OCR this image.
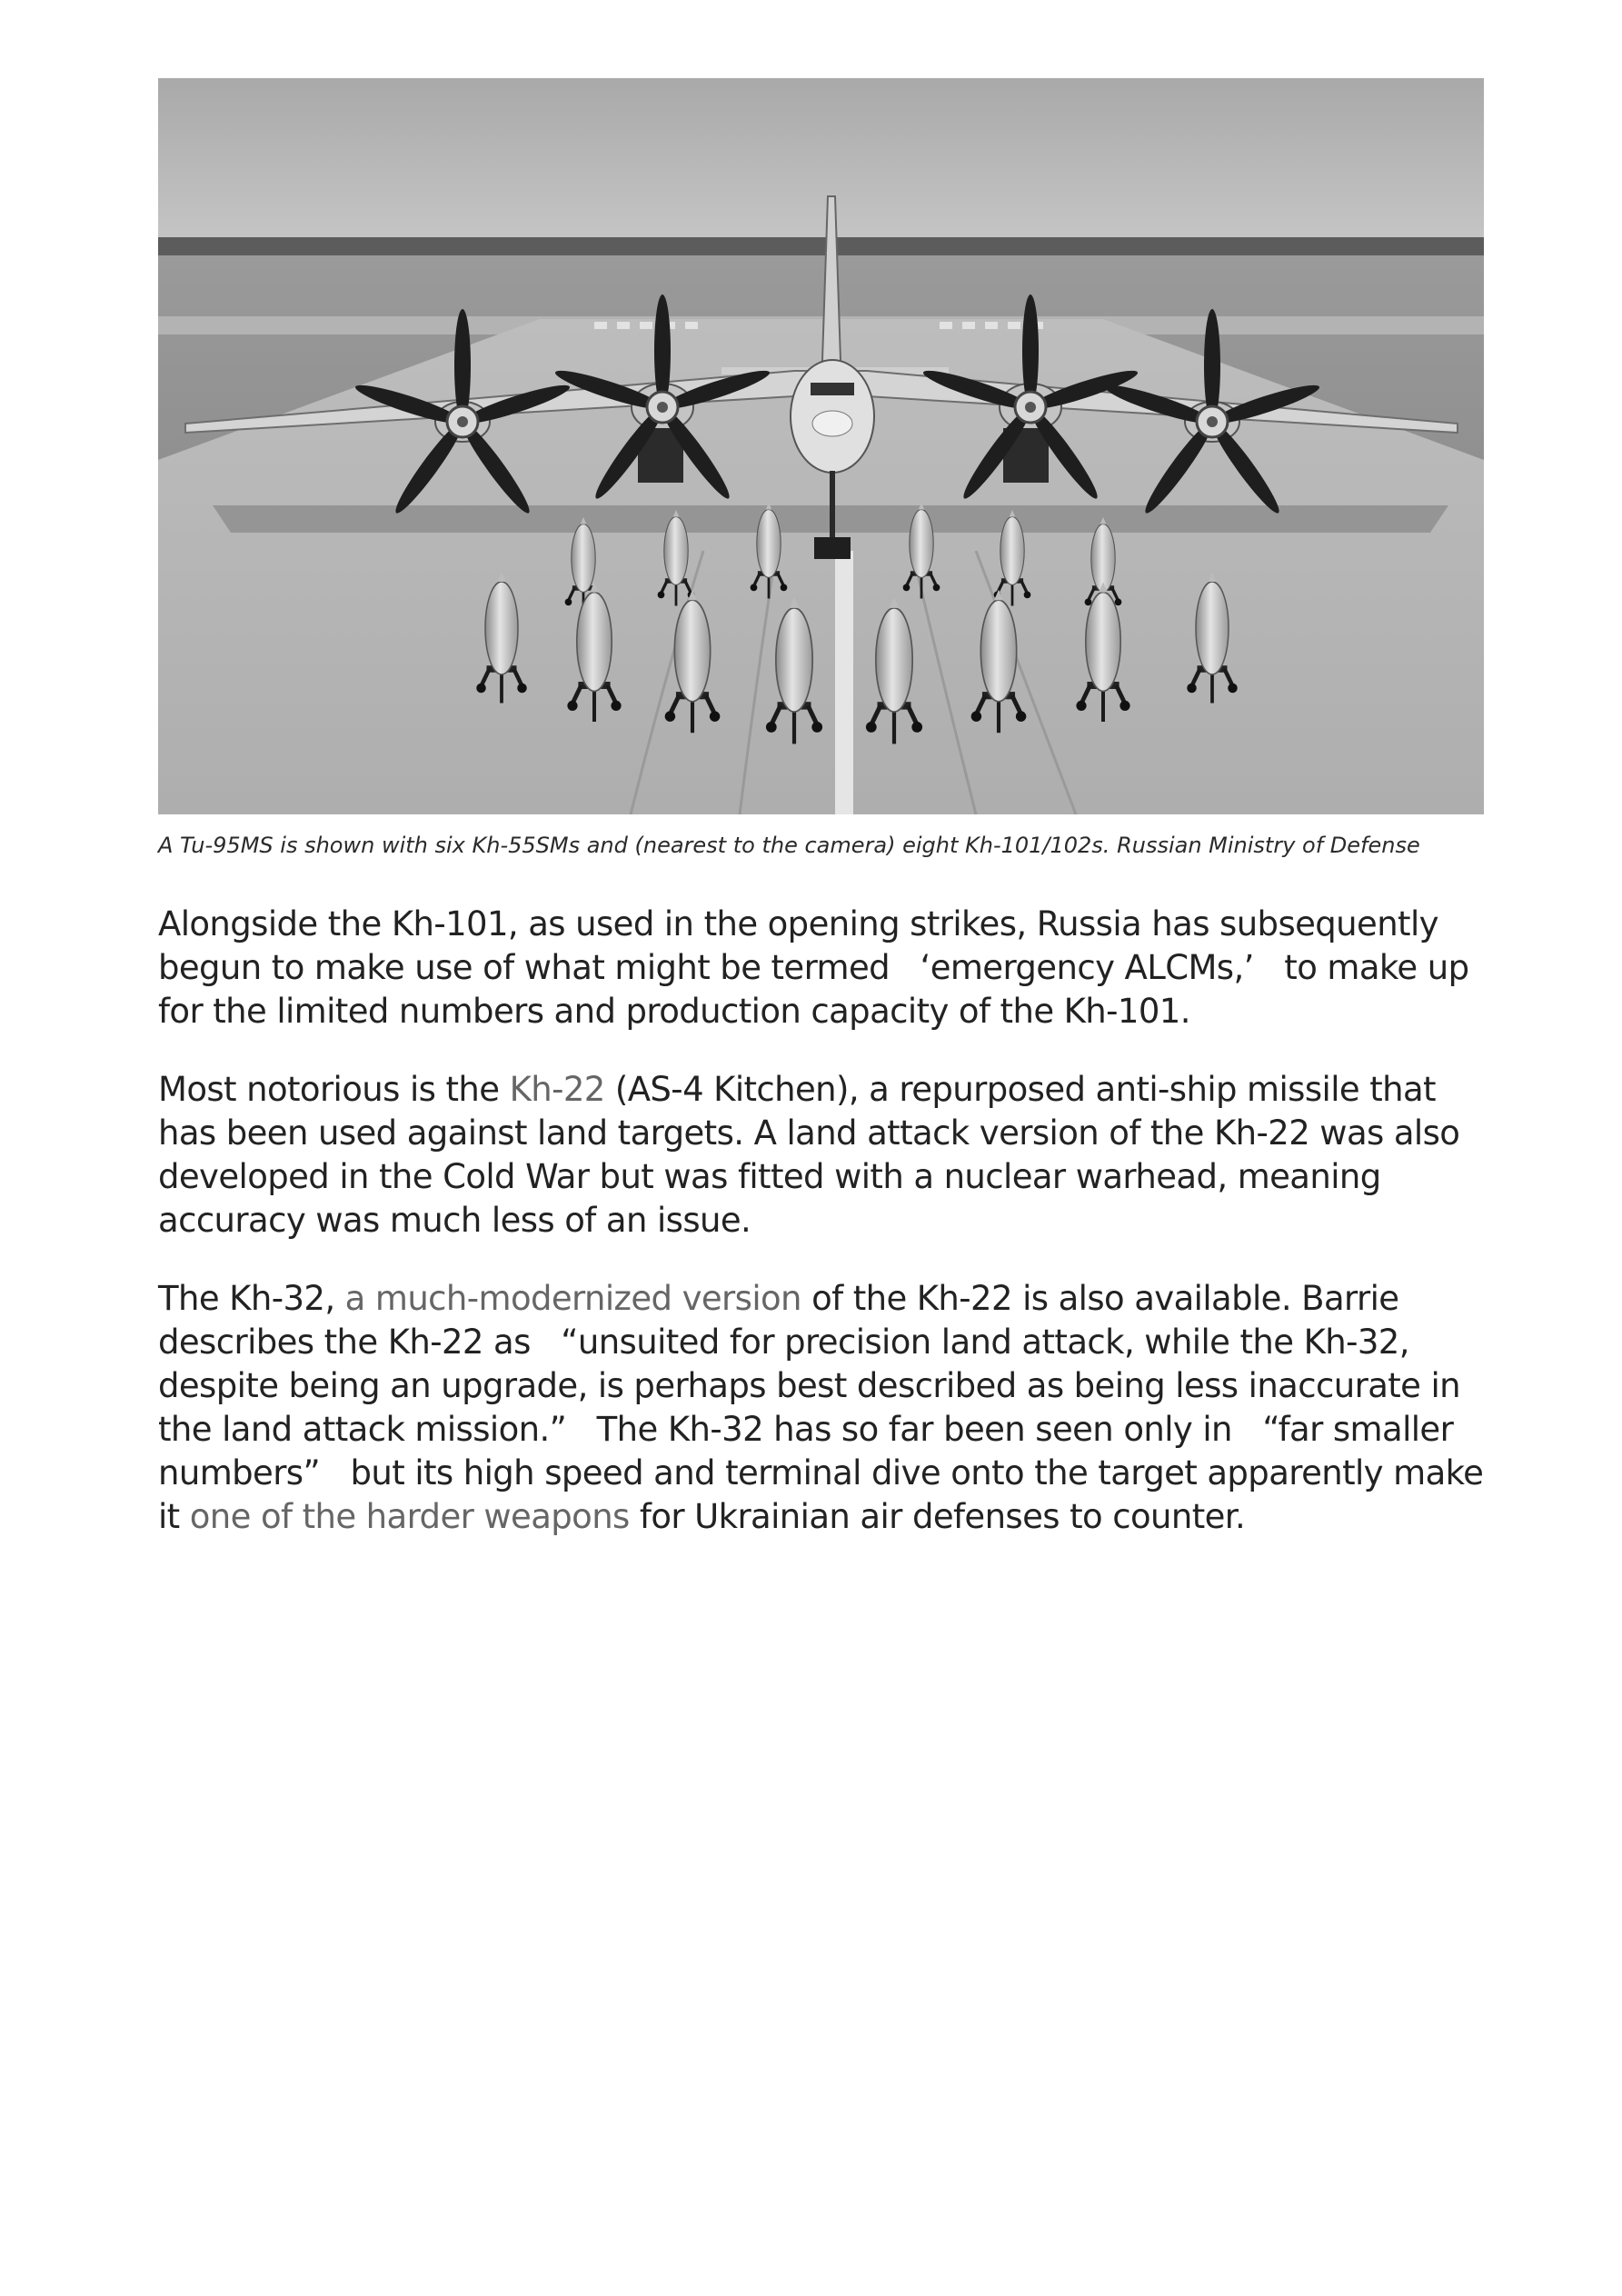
A Tu-95MS is shown with six Kh-55SMs and (nearest to the camera) eight Kh-101/102s. Russian Ministry of Defense

Alongside the Kh-101, as used in the opening strikes, Russia has subsequently begun to make use of what might be termed   ‘emergency ALCMs,’   to make up for the limited numbers and production capacity of the Kh-101.

Most notorious is the Kh-22 (AS-4 Kitchen), a repurposed anti-ship missile that has been used against land targets. A land attack version of the Kh-22 was also developed in the Cold War but was fitted with a nuclear warhead, meaning accuracy was much less of an issue.

The Kh-32, a much-modernized version of the Kh-22 is also available. Barrie describes the Kh-22 as   “unsuited for precision land attack, while the Kh-32, despite being an upgrade, is perhaps best described as being less inaccurate in the land attack mission.”   The Kh-32 has so far been seen only in   “far smaller numbers”   but its high speed and terminal dive onto the target apparently make it one of the harder weapons for Ukrainian air defenses to counter.
